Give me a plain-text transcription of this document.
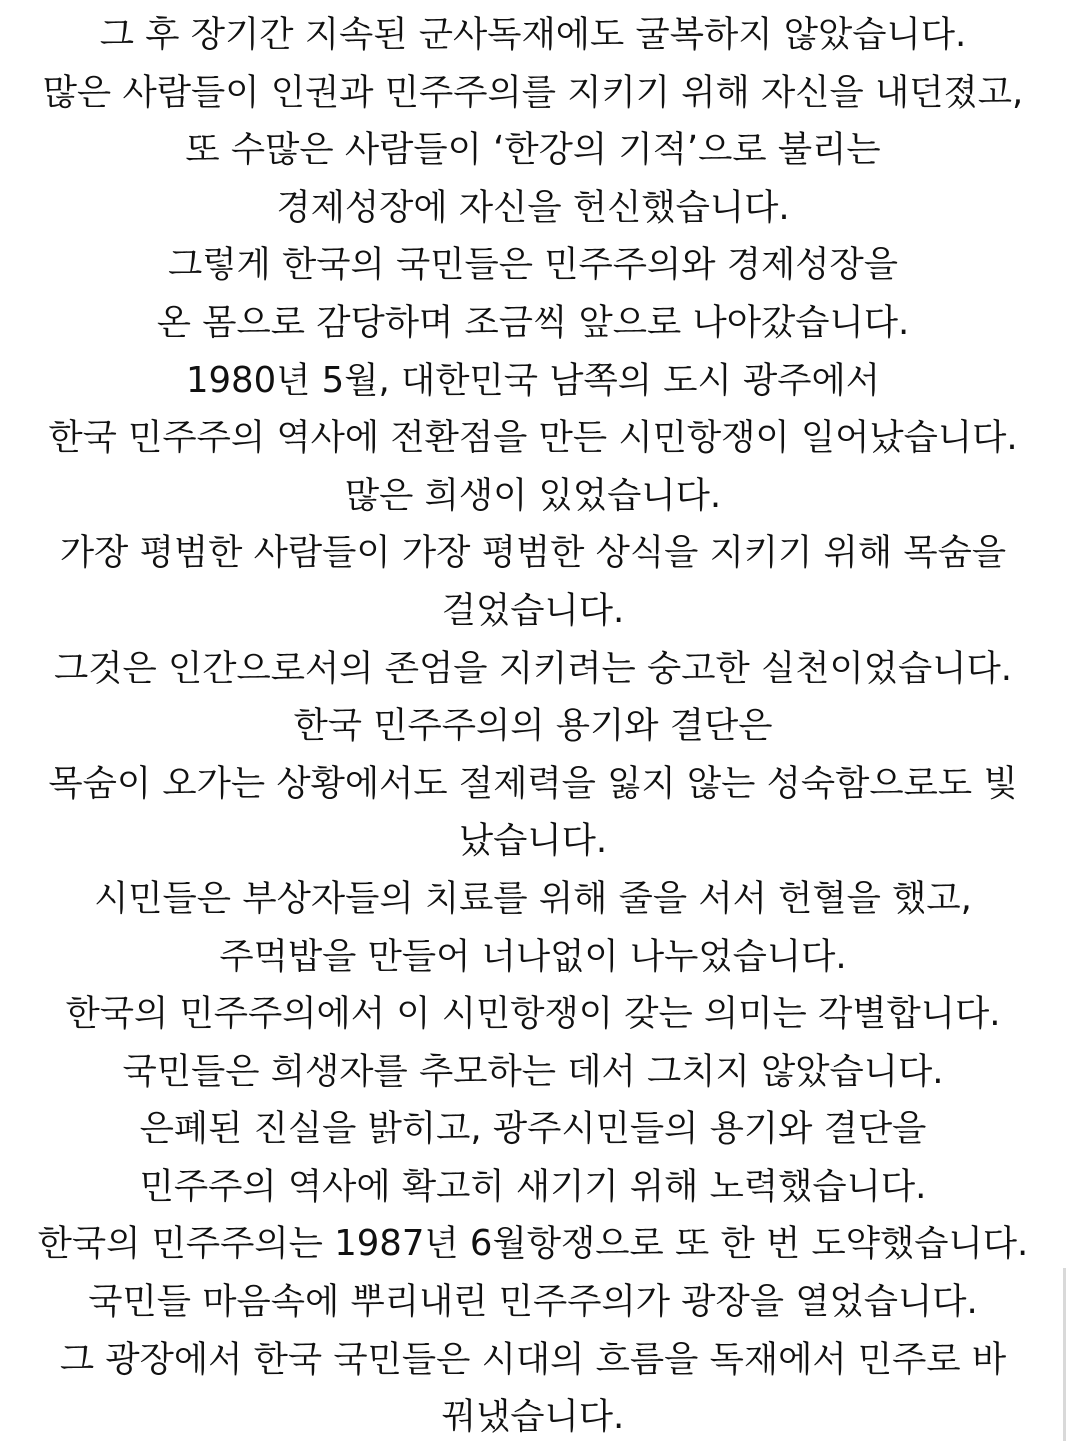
그 후 장기간 지속된 군사독재에도 굴복하지 않았습니다.
많은 사람들이 인권과 민주주의를 지키기 위해 자신을 내던졌고,
또 수많은 사람들이 ‘한강의 기적’으로 불리는
경제성장에 자신을 헌신했습니다.
그렇게 한국의 국민들은 민주주의와 경제성장을
온 몸으로 감당하며 조금씩 앞으로 나아갔습니다.
1980년 5월, 대한민국 남쪽의 도시 광주에서
한국 민주주의 역사에 전환점을 만든 시민항쟁이 일어났습니다.
많은 희생이 있었습니다.
가장 평범한 사람들이 가장 평범한 상식을 지키기 위해 목숨을
걸었습니다.
그것은 인간으로서의 존엄을 지키려는 숭고한 실천이었습니다.
한국 민주주의의 용기와 결단은
목숨이 오가는 상황에서도 절제력을 잃지 않는 성숙함으로도 빛
났습니다.
시민들은 부상자들의 치료를 위해 줄을 서서 헌혈을 했고,
주먹밥을 만들어 너나없이 나누었습니다.
한국의 민주주의에서 이 시민항쟁이 갖는 의미는 각별합니다.
국민들은 희생자를 추모하는 데서 그치지 않았습니다.
은폐된 진실을 밝히고, 광주시민들의 용기와 결단을
민주주의 역사에 확고히 새기기 위해 노력했습니다.
한국의 민주주의는 1987년 6월항쟁으로 또 한 번 도약했습니다.
국민들 마음속에 뿌리내린 민주주의가 광장을 열었습니다.
그 광장에서 한국 국민들은 시대의 흐름을 독재에서 민주로 바
꿔냈습니다.
